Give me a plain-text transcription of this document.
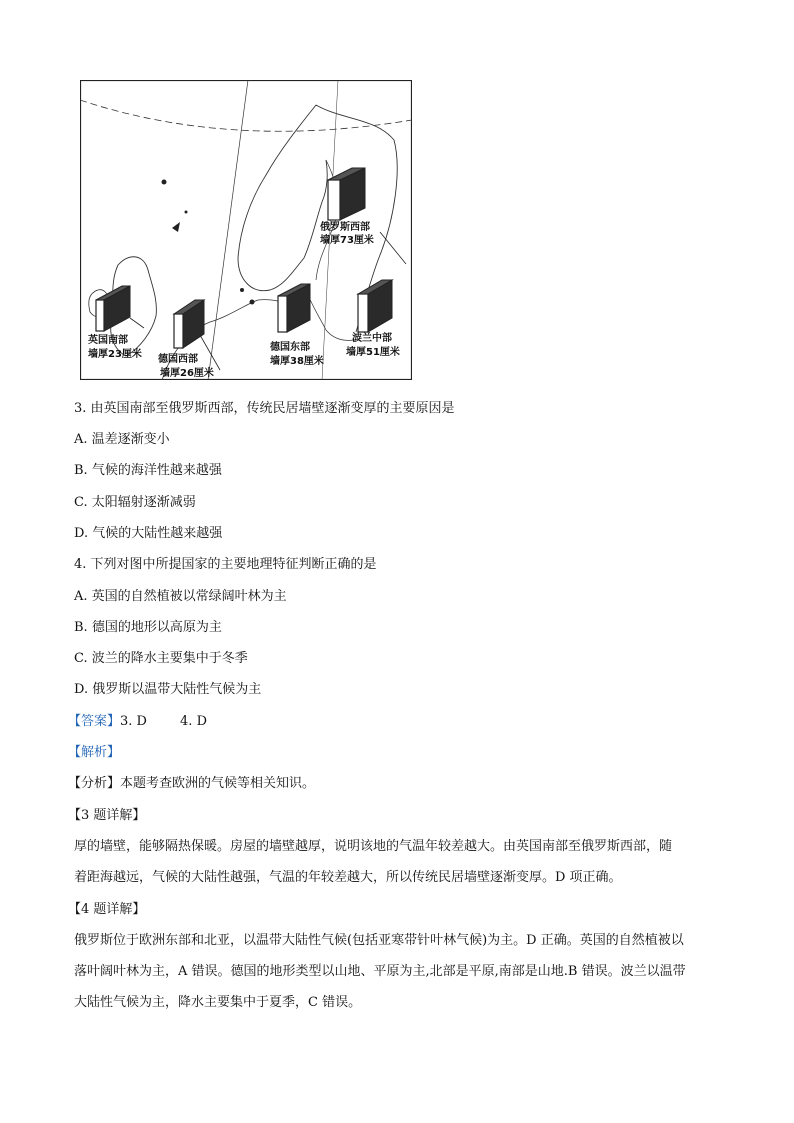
英国南部
墙厚23厘米 德国西部
墙厚26厘米
德国东部
墙厚38厘米
波兰中部
墙厚51厘米
俄罗斯西部
墙厚73厘米
3. 由英国南部至俄罗斯西部，传统民居墙壁逐渐变厚的主要原因是
A. 温差逐渐变小
B. 气候的海洋性越来越强
C. 太阳辐射逐渐减弱
D. 气候的大陆性越来越强
4. 下列对图中所提国家的主要地理特征判断正确的是
A. 英国的自然植被以常绿阔叶林为主
B. 德国的地形以高原为主
C. 波兰的降水主要集中于冬季
D. 俄罗斯以温带大陆性气候为主
【答案】3. D        4. D
【解析】
【分析】本题考查欧洲的气候等相关知识。
【3 题详解】
厚的墙壁，能够隔热保暖。房屋的墙壁越厚，说明该地的气温年较差越大。由英国南部至俄罗斯西部，随
着距海越远，气候的大陆性越强，气温的年较差越大，所以传统民居墙壁逐渐变厚。D 项正确。
【4 题详解】
俄罗斯位于欧洲东部和北亚，以温带大陆性气候(包括亚寒带针叶林气候)为主。D 正确。英国的自然植被以
落叶阔叶林为主，A 错误。德国的地形类型以山地、平原为主,北部是平原,南部是山地.B 错误。波兰以温带
大陆性气候为主，降水主要集中于夏季，C 错误。
